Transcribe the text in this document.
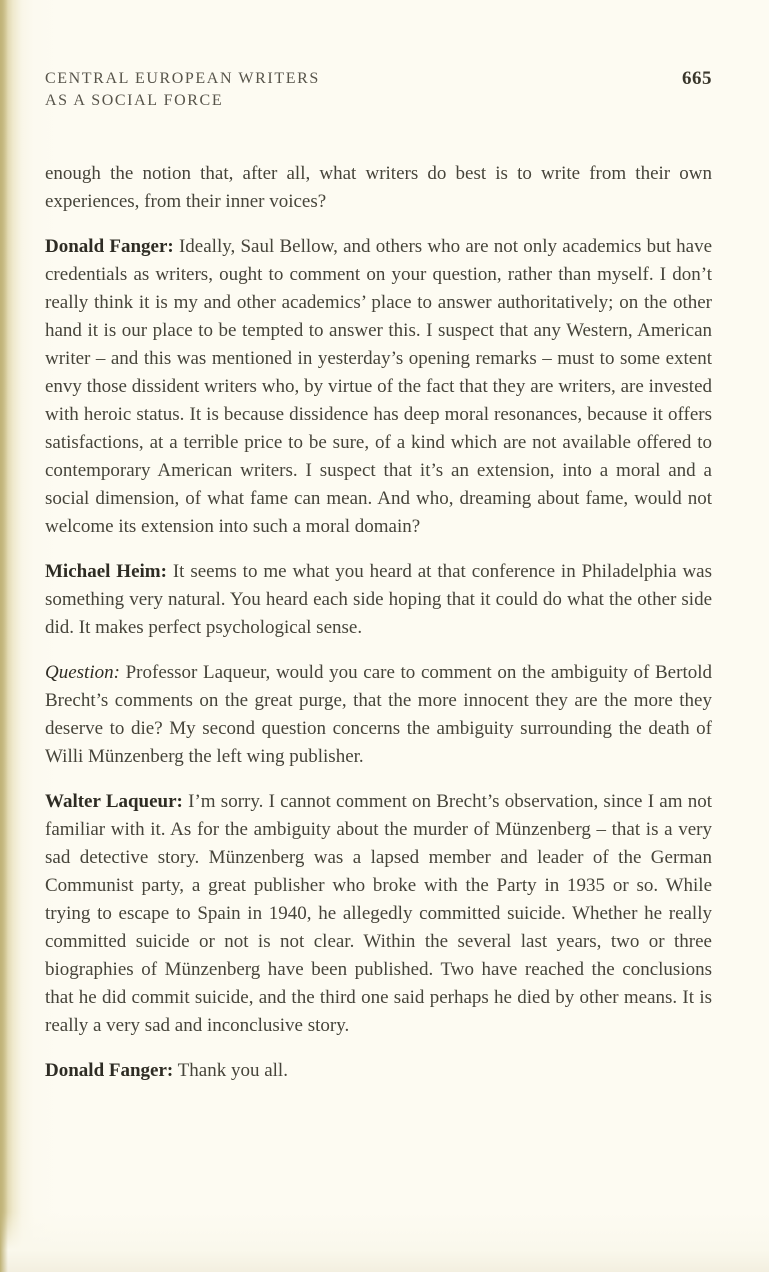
CENTRAL EUROPEAN WRITERS
AS A SOCIAL FORCE
665

enough the notion that, after all, what writers do best is to write from their own experiences, from their inner voices?

Donald Fanger: Ideally, Saul Bellow, and others who are not only academics but have credentials as writers, ought to comment on your question, rather than myself. I don’t really think it is my and other academics’ place to answer authoritatively; on the other hand it is our place to be tempted to answer this. I suspect that any Western, American writer – and this was mentioned in yesterday’s opening remarks – must to some extent envy those dissident writers who, by virtue of the fact that they are writers, are invested with heroic status. It is because dissidence has deep moral resonances, because it offers satisfactions, at a terrible price to be sure, of a kind which are not available offered to contemporary American writers. I suspect that it’s an extension, into a moral and a social dimension, of what fame can mean. And who, dreaming about fame, would not welcome its extension into such a moral domain?

Michael Heim: It seems to me what you heard at that conference in Philadelphia was something very natural. You heard each side hoping that it could do what the other side did. It makes perfect psychological sense.

Question: Professor Laqueur, would you care to comment on the ambiguity of Bertold Brecht’s comments on the great purge, that the more innocent they are the more they deserve to die? My second question concerns the ambiguity surrounding the death of Willi Münzenberg the left wing publisher.

Walter Laqueur: I’m sorry. I cannot comment on Brecht’s observation, since I am not familiar with it. As for the ambiguity about the murder of Münzenberg – that is a very sad detective story. Münzenberg was a lapsed member and leader of the German Communist party, a great publisher who broke with the Party in 1935 or so. While trying to escape to Spain in 1940, he allegedly committed suicide. Whether he really committed suicide or not is not clear. Within the several last years, two or three biographies of Münzenberg have been published. Two have reached the conclusions that he did commit suicide, and the third one said perhaps he died by other means. It is really a very sad and inconclusive story.

Donald Fanger: Thank you all.
